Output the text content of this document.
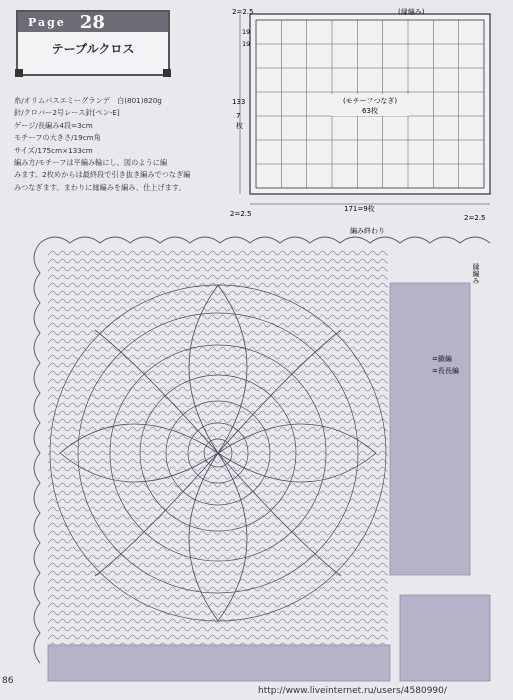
Page 28
テーブルクロス
糸/オリムパスエミーグランデ　白(801)820g
針/クロバー2号レース針[ペン-E]
ゲージ/長編み4段=3cm
モチーフの大きさ/19cm角
サイズ/175cm×133cm
編み方/モチーフは平編み輪にし、図のように編
みます。2枚めからは最終段で引き抜き編みでつなぎ編
みつなぎます。まわりに縁編みを編み、仕上げます。
(モチーフつなぎ)
63枚
(縁編み)
2=2.5
19
19
133
7
枚
2=2.5
171=9枚
2=2.5
編み終わり
縁編み
=鎖編
=長長編
86
http://www.liveinternet.ru/users/4580990/
